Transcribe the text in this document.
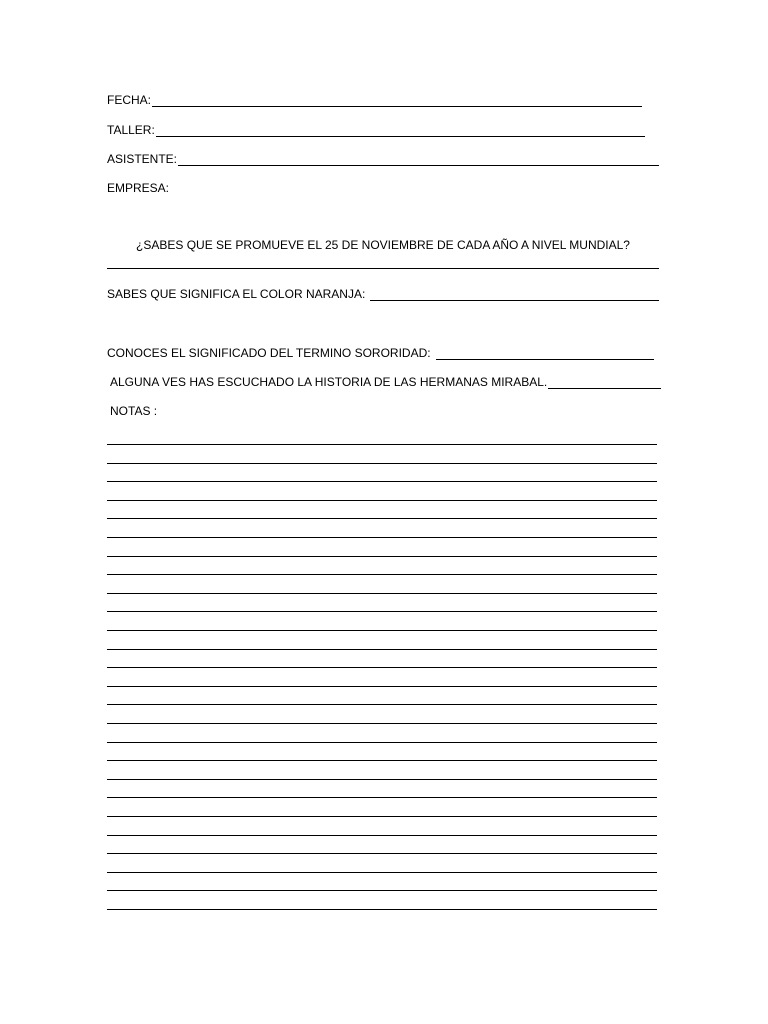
FECHA:
TALLER:
ASISTENTE:
EMPRESA:
¿SABES QUE SE PROMUEVE EL 25 DE NOVIEMBRE DE CADA AÑO A NIVEL MUNDIAL?
SABES QUE SIGNIFICA EL COLOR NARANJA:
CONOCES EL SIGNIFICADO DEL TERMINO SORORIDAD:
ALGUNA VES HAS ESCUCHADO LA HISTORIA DE LAS HERMANAS MIRABAL.
NOTAS :
